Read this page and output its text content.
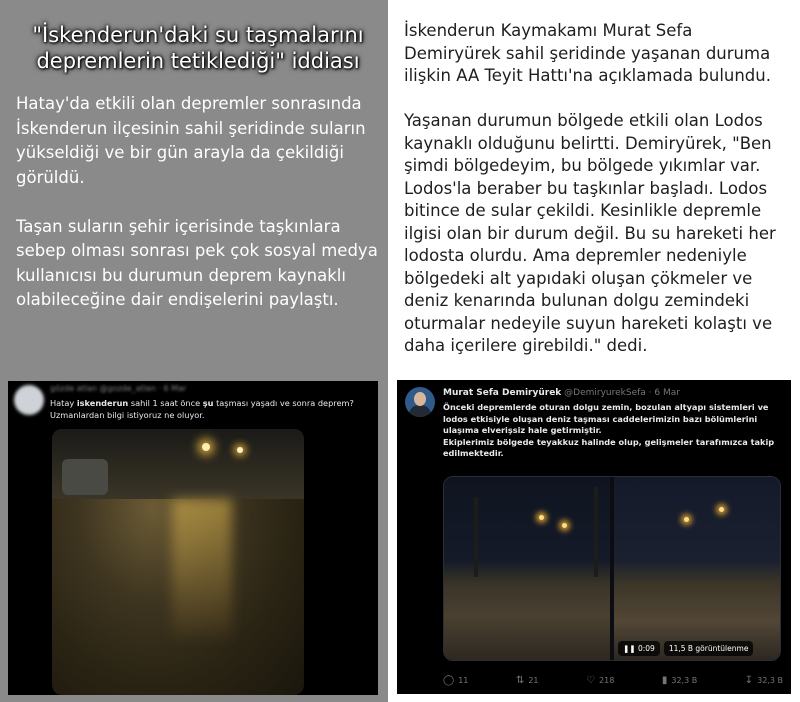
"İskenderun'daki su taşmalarını depremlerin tetiklediği" iddiası

Hatay'da etkili olan depremler sonrasında İskenderun ilçesinin sahil şeridinde suların yükseldiği ve bir gün arayla da çekildiği görüldü.

Taşan suların şehir içerisinde taşkınlara sebep olması sonrası pek çok sosyal medya kullanıcısı bu durumun deprem kaynaklı olabileceğine dair endişelerini paylaştı.

gözde atlan @gozde_atlan · 6 Mar
Hatay iskenderun sahil 1 saat önce şu taşması yaşadı ve sonra deprem?
Uzmanlardan bilgi istiyoruz ne oluyor.

İskenderun Kaymakamı Murat Sefa Demiryürek sahil şeridinde yaşanan duruma ilişkin AA Teyit Hattı'na açıklamada bulundu.

Yaşanan durumun bölgede etkili olan Lodos kaynaklı olduğunu belirtti. Demiryürek, "Ben şimdi bölgedeyim, bu bölgede yıkımlar var. Lodos'la beraber bu taşkınlar başladı. Lodos bitince de sular çekildi. Kesinlikle depremle ilgisi olan bir durum değil. Bu su hareketi her lodosta olurdu. Ama depremler nedeniyle bölgedeki alt yapıdaki oluşan çökmeler ve deniz kenarında bulunan dolgu zemindeki oturmalar nedeyile suyun hareketi kolaştı ve daha içerilere girebildi." dedi.

Murat Sefa Demiryürek @DemiryurekSefa · 6 Mar
Önceki depremlerde oturan dolgu zemin, bozulan altyapı sistemleri ve lodos etkisiyle oluşan deniz taşması caddelerimizin bazı bölümlerini ulaşıma elverişsiz hale getirmiştir.
Ekiplerimiz bölgede teyakkuz halinde olup, gelişmeler tarafımızca takip edilmektedir.
❚❚ 0:09	11,5 B görüntülenme
◯ 11	⇅ 21	♡ 218	▮ 32,3 B	↧ 32,3 B
